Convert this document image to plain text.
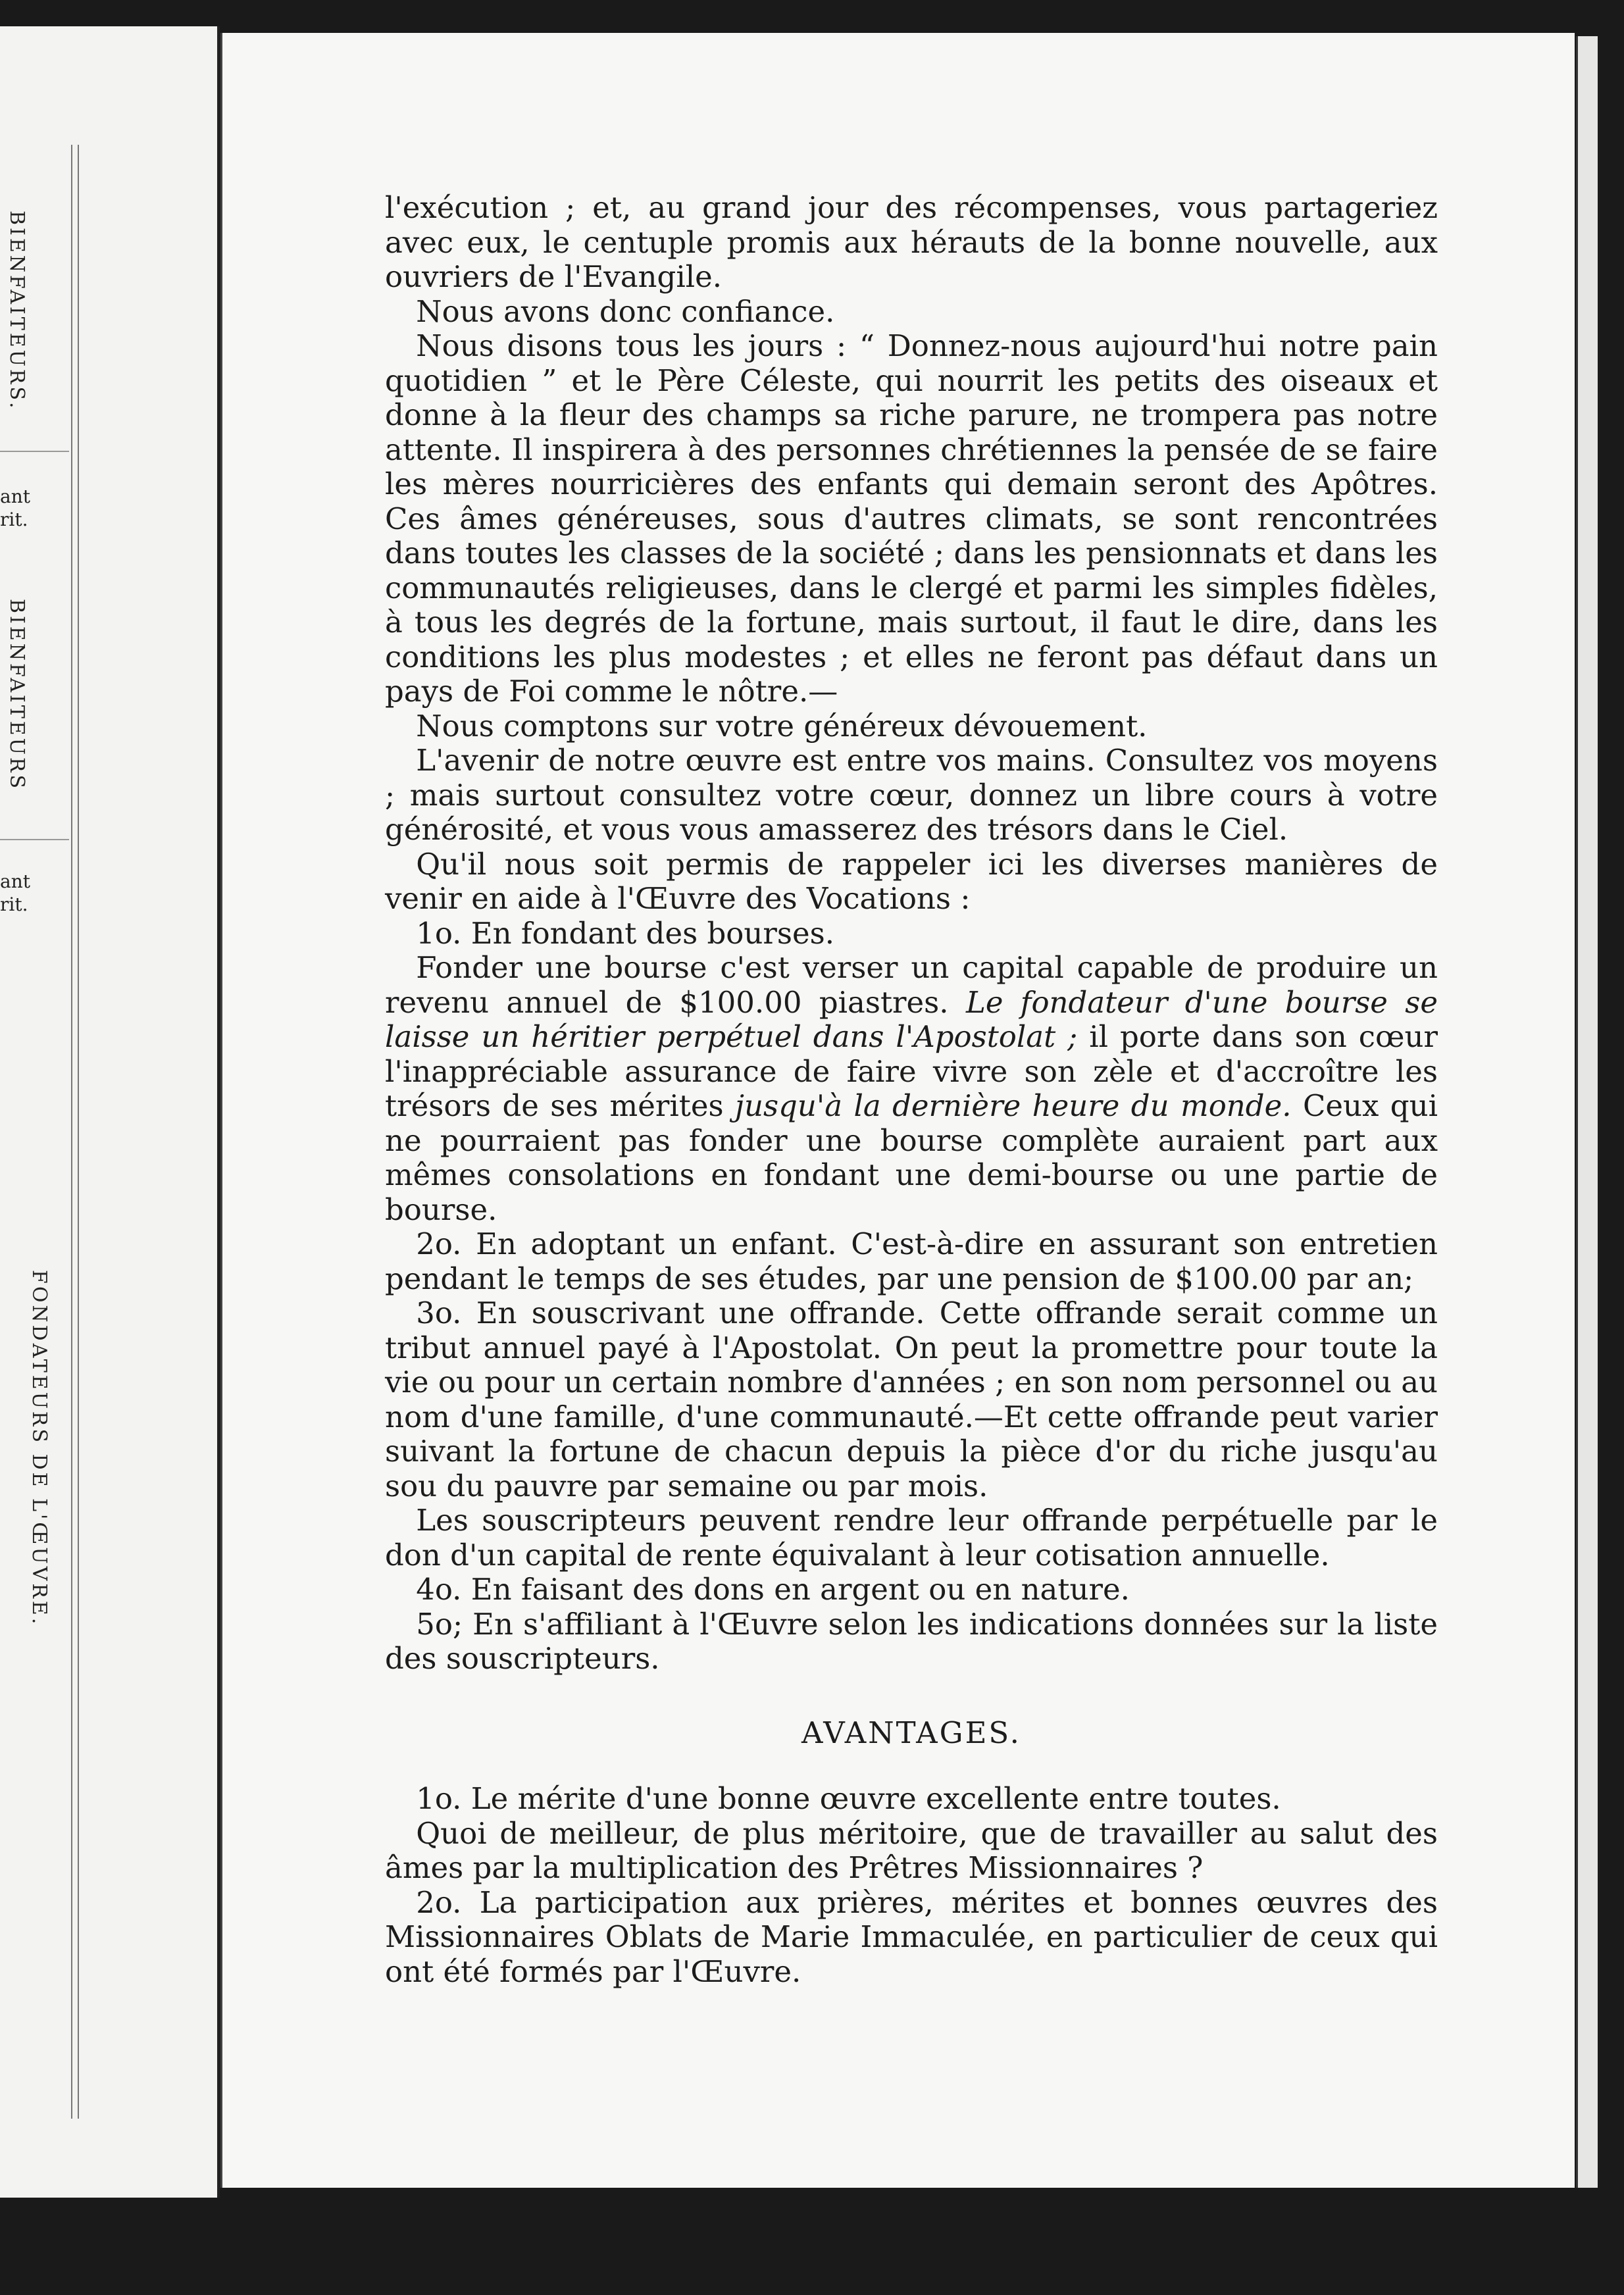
BIENFAITEURS.
ant
rit.
BIENFAITEURS
ant
rit.
FONDATEURS DE L'ŒUVRE.

l'exécution ; et, au grand jour des récompenses, vous partageriez avec eux, le centuple promis aux hérauts de la bonne nouvelle, aux ouvriers de l'Evangile.

Nous avons donc confiance.

Nous disons tous les jours : “ Donnez-nous aujourd'hui notre pain quotidien ” et le Père Céleste, qui nourrit les petits des oiseaux et donne à la fleur des champs sa riche parure, ne trompera pas notre attente. Il inspirera à des personnes chrétiennes la pensée de se faire les mères nourricières des enfants qui demain seront des Apôtres. Ces âmes généreuses, sous d'autres climats, se sont rencontrées dans toutes les classes de la société ; dans les pensionnats et dans les communautés religieuses, dans le clergé et parmi les simples fidèles, à tous les degrés de la fortune, mais surtout, il faut le dire, dans les conditions les plus modestes ; et elles ne feront pas défaut dans un pays de Foi comme le nôtre.—

Nous comptons sur votre généreux dévouement.

L'avenir de notre œuvre est entre vos mains. Consultez vos moyens ; mais surtout consultez votre cœur, donnez un libre cours à votre générosité, et vous vous amasserez des trésors dans le Ciel.

Qu'il nous soit permis de rappeler ici les diverses manières de venir en aide à l'Œuvre des Vocations :

1o. En fondant des bourses.

Fonder une bourse c'est verser un capital capable de produire un revenu annuel de $100.00 piastres. Le fondateur d'une bourse se laisse un héritier perpétuel dans l'Apostolat ; il porte dans son cœur l'inappréciable assurance de faire vivre son zèle et d'accroître les trésors de ses mérites jusqu'à la dernière heure du monde. Ceux qui ne pourraient pas fonder une bourse complète auraient part aux mêmes consolations en fondant une demi-bourse ou une partie de bourse.

2o. En adoptant un enfant. C'est-à-dire en assurant son entretien pendant le temps de ses études, par une pension de $100.00 par an;

3o. En souscrivant une offrande. Cette offrande serait comme un tribut annuel payé à l'Apostolat. On peut la promettre pour toute la vie ou pour un certain nombre d'années ; en son nom personnel ou au nom d'une famille, d'une communauté.—Et cette offrande peut varier suivant la fortune de chacun depuis la pièce d'or du riche jusqu'au sou du pauvre par semaine ou par mois.

Les souscripteurs peuvent rendre leur offrande perpétuelle par le don d'un capital de rente équivalant à leur cotisation annuelle.

4o. En faisant des dons en argent ou en nature.

5o; En s'affiliant à l'Œuvre selon les indications données sur la liste des souscripteurs.

AVANTAGES.

1o. Le mérite d'une bonne œuvre excellente entre toutes.

Quoi de meilleur, de plus méritoire, que de travailler au salut des âmes par la multiplication des Prêtres Missionnaires ?

2o. La participation aux prières, mérites et bonnes œuvres des Missionnaires Oblats de Marie Immaculée, en particulier de ceux qui ont été formés par l'Œuvre.
